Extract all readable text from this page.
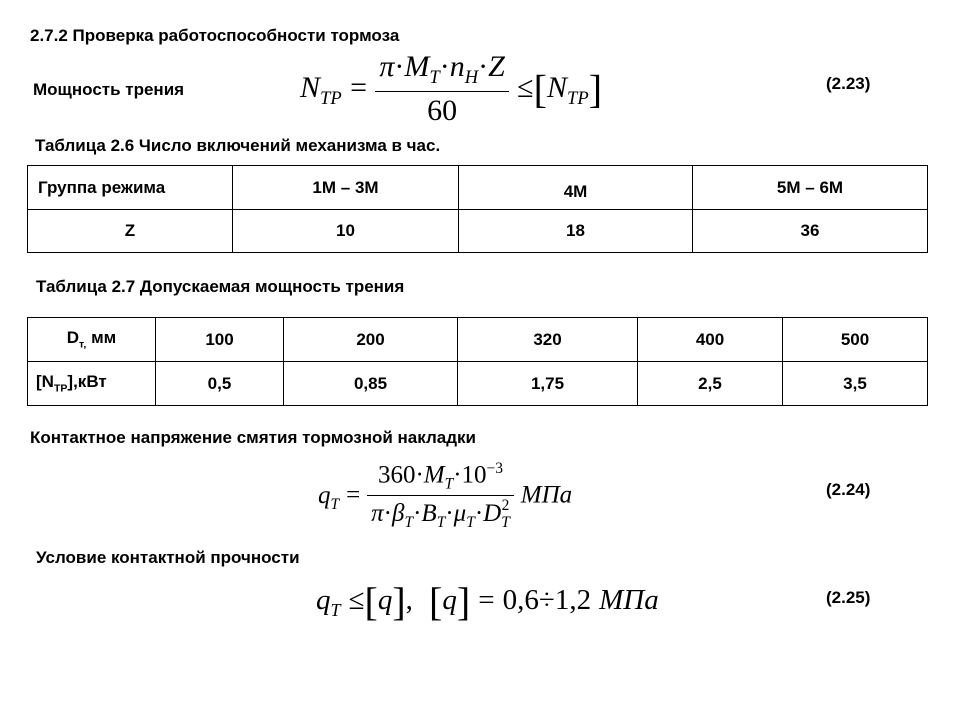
2.7.2 Проверка работоспособности тормоза
Мощность трения	$N_{ТР} = \frac{\pi\cdot M_T\cdot n_H\cdot Z}{60} \le[N_{ТР}]$	(2.23)
Таблица 2.6 Число включений механизма в час.
Группа режима	1М – 3М	4М	5М – 6М
Z	10	18	36
Таблица 2.7 Допускаемая мощность трения
$D_{т,}$ мм	100	200	320	400	500
$[N_{ТР}],кВт$	0,5	0,85	1,75	2,5	3,5
Контактное напряжение смятия тормозной накладки
$q_T = 360\cdot M_T\cdot 10^{-3}$
$\pi\cdot\beta_T\cdot B_T\cdot\mu_T\cdot D$ 2
T МПа	(2.24)
Условие контактной прочности
$q_T \le[q]$, [q] = 0,6÷1,2 МПа	(2.25)
